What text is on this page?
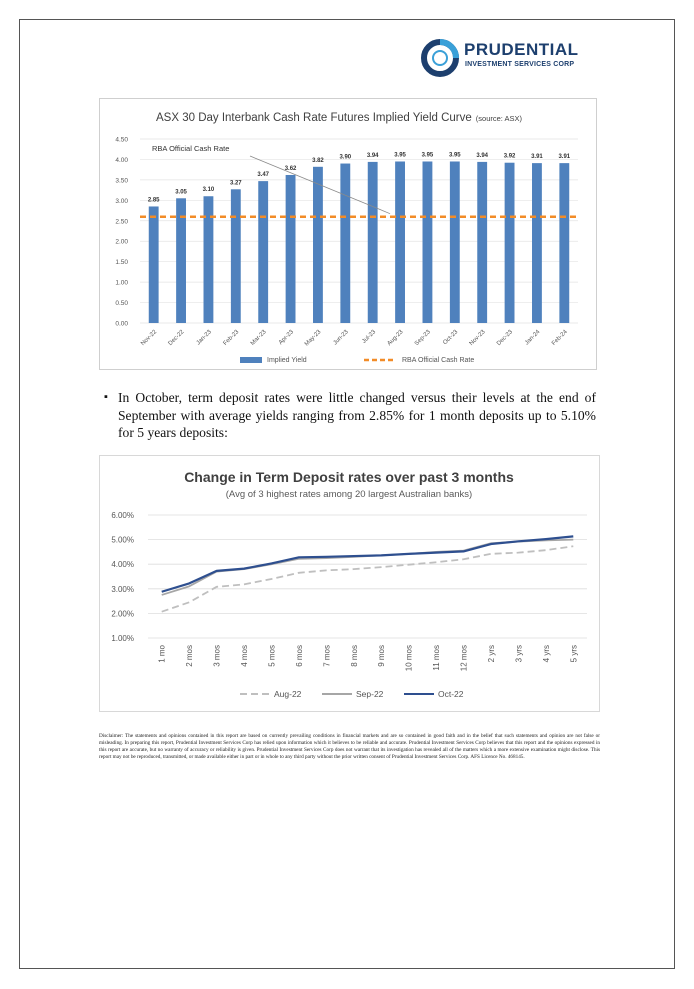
PRUDENTIAL
INVESTMENT SERVICES CORP
ASX 30 Day Interbank Cash Rate Futures Implied Yield Curve (source: ASX)
0.00
0.50
1.00
1.50
2.00
2.50
3.00
3.50
4.00
4.50
2.85
Nov-22
3.05
Dec-22
3.10
Jan-23
3.27
Feb-23
3.47
Mar-23
3.62
Apr-23
3.82
May-23
3.90
Jun-23
3.94
Jul-23
3.95
Aug-23
3.95
Sep-23
3.95
Oct-23
3.94
Nov-23
3.92
Dec-23
3.91
Jan-24
3.91
Feb-24
RBA Official Cash Rate
Implied Yield	RBA Official Cash Rate
▪ In October, term deposit rates were little changed versus their levels at the end of September with average yields ranging from 2.85% for 1 month deposits up to 5.10% for 5 years deposits:
Change in Term Deposit rates over past 3 months
(Avg of 3 highest rates among 20 largest Australian banks)
1.00%
2.00%
3.00%
4.00%
5.00%
6.00%
1 mo 2 mos 3 mos 4 mos 5 mos 6 mos 7 mos 8 mos 9 mos 10 mos 11 mos 12 mos 2 yrs 3 yrs 4 yrs 5 yrs
Aug-22	Sep-22	Oct-22
Disclaimer: The statements and opinions contained in this report are based on currently prevailing conditions in financial markets and are so contained in good faith and in the belief that such statements and opinion are not false or misleading. In preparing this report, Prudential Investment Services Corp has relied upon information which it believes to be reliable and accurate. Prudential Investment Services Corp believes that this report and the opinions expressed in this report are accurate, but no warranty of accuracy or reliability is given. Prudential Investment Services Corp does not warrant that its investigation has revealed all of the matters which a more extensive examination might disclose. This report may not be reproduced, transmitted, or made available either in part or in whole to any third party without the prior written consent of Prudential Investment Services Corp. AFS Licence No. 468145.
